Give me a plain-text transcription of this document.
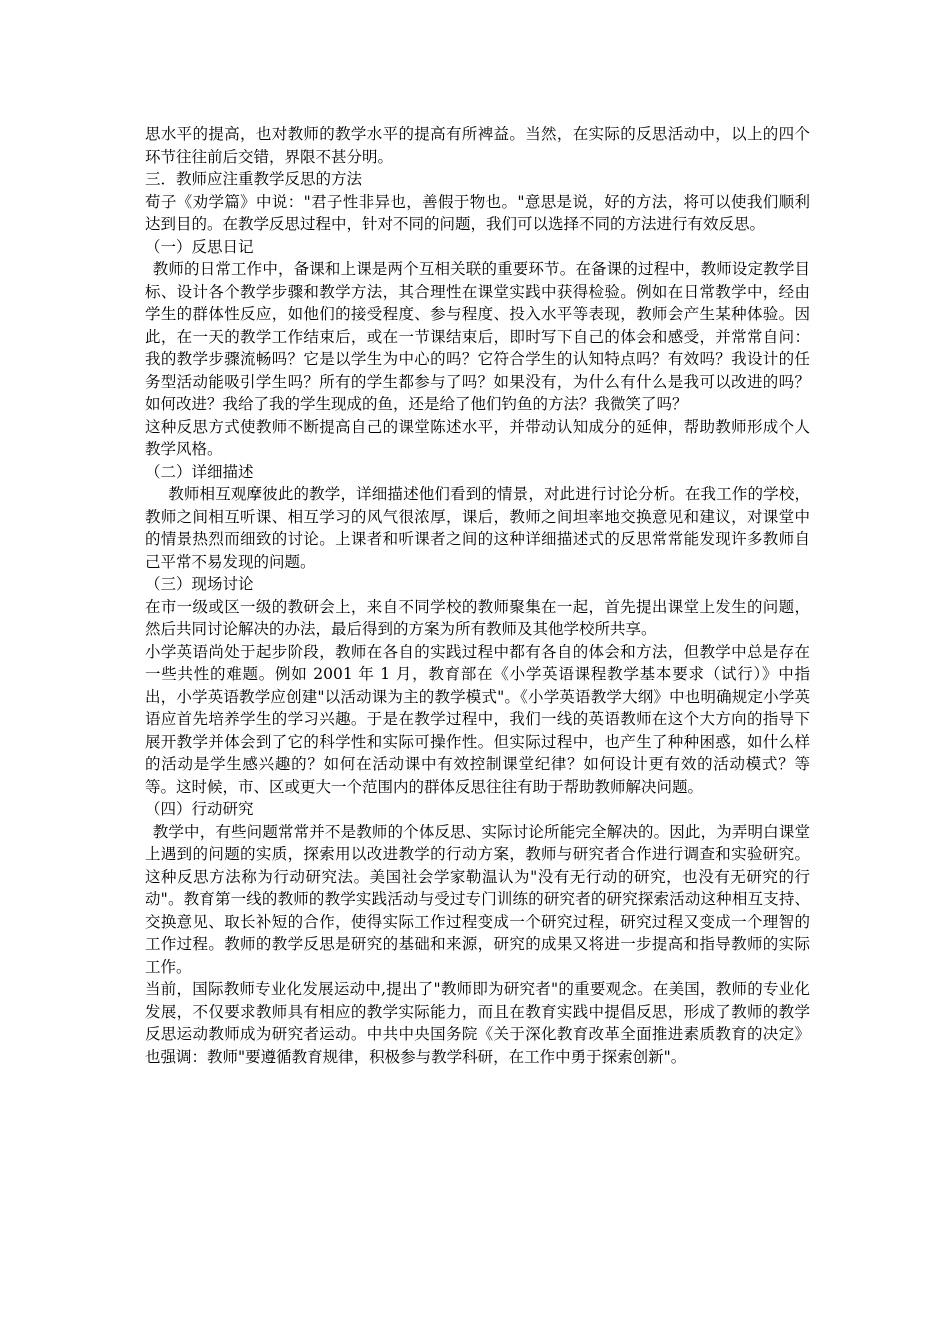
思水平的提高，也对教师的教学水平的提高有所裨益。当然，在实际的反思活动中，以上的四个环节往往前后交错，界限不甚分明。

三．教师应注重教学反思的方法

荀子《劝学篇》中说："君子性非异也，善假于物也。"意思是说，好的方法，将可以使我们顺利达到目的。在教学反思过程中，针对不同的问题，我们可以选择不同的方法进行有效反思。

（一）反思日记

教师的日常工作中，备课和上课是两个互相关联的重要环节。在备课的过程中，教师设定教学目标、设计各个教学步骤和教学方法，其合理性在课堂实践中获得检验。例如在日常教学中，经由学生的群体性反应，如他们的接受程度、参与程度、投入水平等表现，教师会产生某种体验。因此，在一天的教学工作结束后，或在一节课结束后，即时写下自己的体会和感受，并常常自问：我的教学步骤流畅吗？它是以学生为中心的吗？它符合学生的认知特点吗？有效吗？我设计的任务型活动能吸引学生吗？所有的学生都参与了吗？如果没有，为什么有什么是我可以改进的吗？如何改进？我给了我的学生现成的鱼，还是给了他们钓鱼的方法？我微笑了吗？

这种反思方式使教师不断提高自己的课堂陈述水平，并带动认知成分的延伸，帮助教师形成个人教学风格。

（二）详细描述

教师相互观摩彼此的教学，详细描述他们看到的情景，对此进行讨论分析。在我工作的学校，教师之间相互听课、相互学习的风气很浓厚，课后，教师之间坦率地交换意见和建议，对课堂中的情景热烈而细致的讨论。上课者和听课者之间的这种详细描述式的反思常常能发现许多教师自己平常不易发现的问题。

（三）现场讨论

在市一级或区一级的教研会上，来自不同学校的教师聚集在一起，首先提出课堂上发生的问题，然后共同讨论解决的办法，最后得到的方案为所有教师及其他学校所共享。

小学英语尚处于起步阶段，教师在各自的实践过程中都有各自的体会和方法，但教学中总是存在一些共性的难题。例如 2001 年 1 月，教育部在《小学英语课程教学基本要求（试行）》中指出，小学英语教学应创建"以活动课为主的教学模式"。《小学英语教学大纲》中也明确规定小学英语应首先培养学生的学习兴趣。于是在教学过程中，我们一线的英语教师在这个大方向的指导下展开教学并体会到了它的科学性和实际可操作性。但实际过程中，也产生了种种困惑，如什么样的活动是学生感兴趣的？如何在活动课中有效控制课堂纪律？如何设计更有效的活动模式？等等。这时候，市、区或更大一个范围内的群体反思往往有助于帮助教师解决问题。

（四）行动研究

教学中，有些问题常常并不是教师的个体反思、实际讨论所能完全解决的。因此，为弄明白课堂上遇到的问题的实质，探索用以改进教学的行动方案，教师与研究者合作进行调查和实验研究。这种反思方法称为行动研究法。美国社会学家勒温认为"没有无行动的研究，也没有无研究的行动"。教育第一线的教师的教学实践活动与受过专门训练的研究者的研究探索活动这种相互支持、交换意见、取长补短的合作，使得实际工作过程变成一个研究过程，研究过程又变成一个理智的工作过程。教师的教学反思是研究的基础和来源，研究的成果又将进一步提高和指导教师的实际工作。

当前，国际教师专业化发展运动中,提出了"教师即为研究者"的重要观念。在美国，教师的专业化发展，不仅要求教师具有相应的教学实际能力，而且在教育实践中提倡反思，形成了教师的教学反思运动教师成为研究者运动。中共中央国务院《关于深化教育改革全面推进素质教育的决定》也强调：教师"要遵循教育规律，积极参与教学科研，在工作中勇于探索创新"。
